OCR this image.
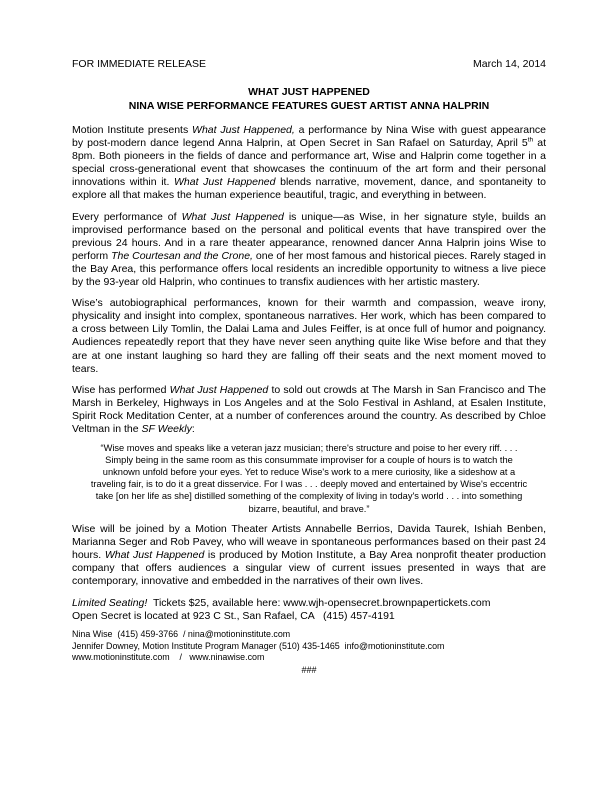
FOR IMMEDIATE RELEASE	March 14, 2014
WHAT JUST HAPPENED
NINA WISE PERFORMANCE FEATURES GUEST ARTIST ANNA HALPRIN

Motion Institute presents What Just Happened, a performance by Nina Wise with guest appearance by post-modern dance legend Anna Halprin, at Open Secret in San Rafael on Saturday, April 5th at 8pm. Both pioneers in the fields of dance and performance art, Wise and Halprin come together in a special cross-generational event that showcases the continuum of the art form and their personal innovations within it. What Just Happened blends narrative, movement, dance, and spontaneity to explore all that makes the human experience beautiful, tragic, and everything in between.

Every performance of What Just Happened is unique—as Wise, in her signature style, builds an improvised performance based on the personal and political events that have transpired over the previous 24 hours. And in a rare theater appearance, renowned dancer Anna Halprin joins Wise to perform The Courtesan and the Crone, one of her most famous and historical pieces. Rarely staged in the Bay Area, this performance offers local residents an incredible opportunity to witness a live piece by the 93-year old Halprin, who continues to transfix audiences with her artistic mastery.

Wise’s autobiographical performances, known for their warmth and compassion, weave irony, physicality and insight into complex, spontaneous narratives. Her work, which has been compared to a cross between Lily Tomlin, the Dalai Lama and Jules Feiffer, is at once full of humor and poignancy. Audiences repeatedly report that they have never seen anything quite like Wise before and that they are at one instant laughing so hard they are falling off their seats and the next moment moved to tears.

Wise has performed What Just Happened to sold out crowds at The Marsh in San Francisco and The Marsh in Berkeley, Highways in Los Angeles and at the Solo Festival in Ashland, at Esalen Institute, Spirit Rock Meditation Center, at a number of conferences around the country. As described by Chloe Veltman in the SF Weekly:

“Wise moves and speaks like a veteran jazz musician; there's structure and poise to her every riff. . . . Simply being in the same room as this consummate improviser for a couple of hours is to watch the unknown unfold before your eyes. Yet to reduce Wise's work to a mere curiosity, like a sideshow at a traveling fair, is to do it a great disservice. For I was . . . deeply moved and entertained by Wise's eccentric take [on her life as she] distilled something of the complexity of living in today's world . . . into something bizarre, beautiful, and brave.”

Wise will be joined by a Motion Theater Artists Annabelle Berrios, Davida Taurek, Ishiah Benben, Marianna Seger and Rob Pavey, who will weave in spontaneous performances based on their past 24 hours. What Just Happened is produced by Motion Institute, a Bay Area nonprofit theater production company that offers audiences a singular view of current issues presented in ways that are contemporary, innovative and embedded in the narratives of their own lives.

Limited Seating!  Tickets $25, available here: www.wjh-opensecret.brownpapertickets.com
Open Secret is located at 923 C St., San Rafael, CA   (415) 457-4191
Nina Wise  (415) 459-3766  / nina@motioninstitute.com
Jennifer Downey, Motion Institute Program Manager (510) 435-1465  info@motioninstitute.com
www.motioninstitute.com    /   www.ninawise.com
###
